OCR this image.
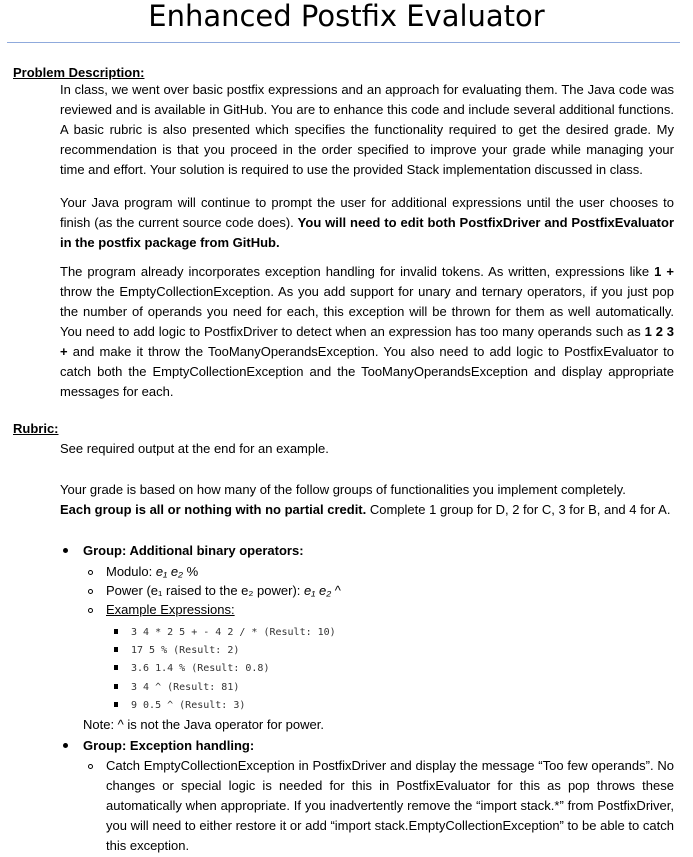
Enhanced Postfix Evaluator
Problem Description:
In class, we went over basic postfix expressions and an approach for evaluating them. The Java code was reviewed and is available in GitHub. You are to enhance this code and include several additional functions. A basic rubric is also presented which specifies the functionality required to get the desired grade. My recommendation is that you proceed in the order specified to improve your grade while managing your time and effort. Your solution is required to use the provided Stack implementation discussed in class.
Your Java program will continue to prompt the user for additional expressions until the user chooses to finish (as the current source code does). You will need to edit both PostfixDriver and PostfixEvaluator in the postfix package from GitHub.
The program already incorporates exception handling for invalid tokens. As written, expressions like 1 + throw the EmptyCollectionException. As you add support for unary and ternary operators, if you just pop the number of operands you need for each, this exception will be thrown for them as well automatically. You need to add logic to PostfixDriver to detect when an expression has too many operands such as 1 2 3 + and make it throw the TooManyOperandsException. You also need to add logic to PostfixEvaluator to catch both the EmptyCollectionException and the TooManyOperandsException and display appropriate messages for each.
Rubric:
See required output at the end for an example.
Your grade is based on how many of the follow groups of functionalities you implement completely.
Each group is all or nothing with no partial credit. Complete 1 group for D, 2 for C, 3 for B, and 4 for A.
Group: Additional binary operators:
Modulo: e₁ e₂ %
Power (e₁ raised to the e₂ power): e₁ e₂ ^
Example Expressions:
3 4 * 2 5 + - 4 2 / * (Result: 10)
17 5 % (Result: 2)
3.6 1.4 % (Result: 0.8)
3 4 ^ (Result: 81)
9 0.5 ^ (Result: 3)
Note: ^ is not the Java operator for power.
Group: Exception handling:
Catch EmptyCollectionException in PostfixDriver and display the message “Too few operands”. No changes or special logic is needed for this in PostfixEvaluator for this as pop throws these automatically when appropriate. If you inadvertently remove the “import stack.*” from PostfixDriver, you will need to either restore it or add “import stack.EmptyCollectionException” to be able to catch this exception.
